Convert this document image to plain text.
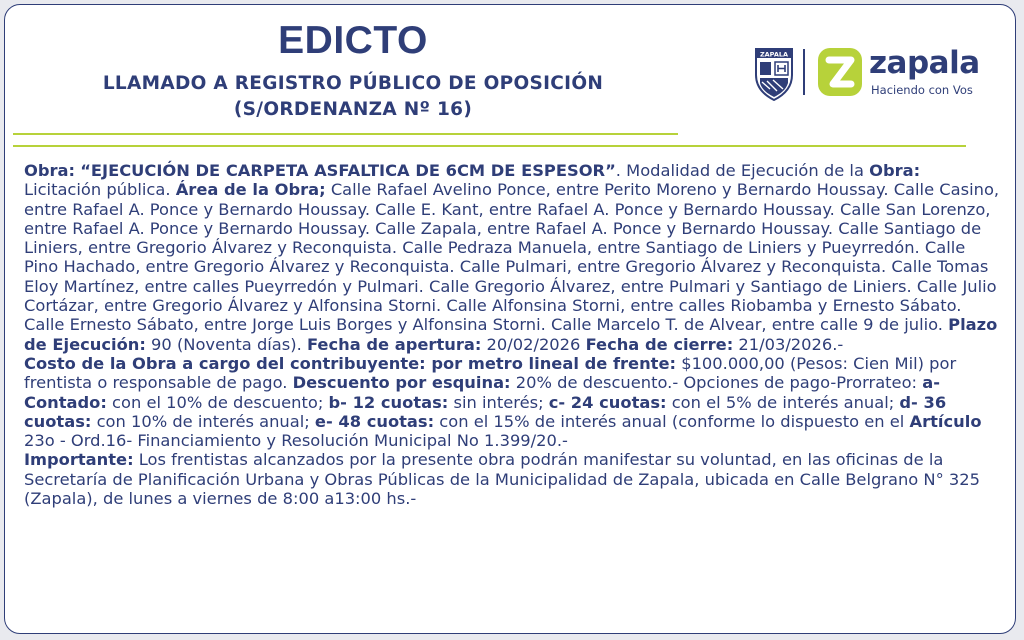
EDICTO
LLAMADO A REGISTRO PÚBLICO DE OPOSICIÓN
(S/ORDENANZA Nº 16)
ZAPALA	zapala
Haciendo con Vos

Obra: “EJECUCIÓN DE CARPETA ASFALTICA DE 6CM DE ESPESOR”. Modalidad de Ejecución de la Obra: Licitación pública. Área de la Obra; Calle Rafael Avelino Ponce, entre Perito Moreno y Bernardo Houssay. Calle Casino, entre Rafael A. Ponce y Bernardo Houssay. Calle E. Kant, entre Rafael A. Ponce y Bernardo Houssay. Calle San Lorenzo, entre Rafael A. Ponce y Bernardo Houssay. Calle Zapala, entre Rafael A. Ponce y Bernardo Houssay. Calle Santiago de Liniers, entre Gregorio Álvarez y Reconquista. Calle Pedraza Manuela, entre Santiago de Liniers y Pueyrredón. Calle Pino Hachado, entre Gregorio Álvarez y Reconquista. Calle Pulmari, entre Gregorio Álvarez y Reconquista. Calle Tomas Eloy Martínez, entre calles Pueyrredón y Pulmari. Calle Gregorio Álvarez, entre Pulmari y Santiago de Liniers. Calle Julio Cortázar, entre Gregorio Álvarez y Alfonsina Storni. Calle Alfonsina Storni, entre calles Riobamba y Ernesto Sábato. Calle Ernesto Sábato, entre Jorge Luis Borges y Alfonsina Storni. Calle Marcelo T. de Alvear, entre calle 9 de julio. Plazo de Ejecución: 90 (Noventa días). Fecha de apertura: 20/02/2026 Fecha de cierre: 21/03/2026.-

Costo de la Obra a cargo del contribuyente: por metro lineal de frente: $100.000,00 (Pesos: Cien Mil) por frentista o responsable de pago. Descuento por esquina: 20% de descuento.- Opciones de pago-Prorrateo: a- Contado: con el 10% de descuento; b- 12 cuotas: sin interés; c- 24 cuotas: con el 5% de interés anual; d- 36 cuotas: con 10% de interés anual; e- 48 cuotas: con el 15% de interés anual (conforme lo dispuesto en el Artículo 23o - Ord.16- Financiamiento y Resolución Municipal No 1.399/20.-

Importante: Los frentistas alcanzados por la presente obra podrán manifestar su voluntad, en las oficinas de la Secretaría de Planificación Urbana y Obras Públicas de la Municipalidad de Zapala, ubicada en Calle Belgrano N° 325 (Zapala), de lunes a viernes de 8:00 a13:00 hs.-
